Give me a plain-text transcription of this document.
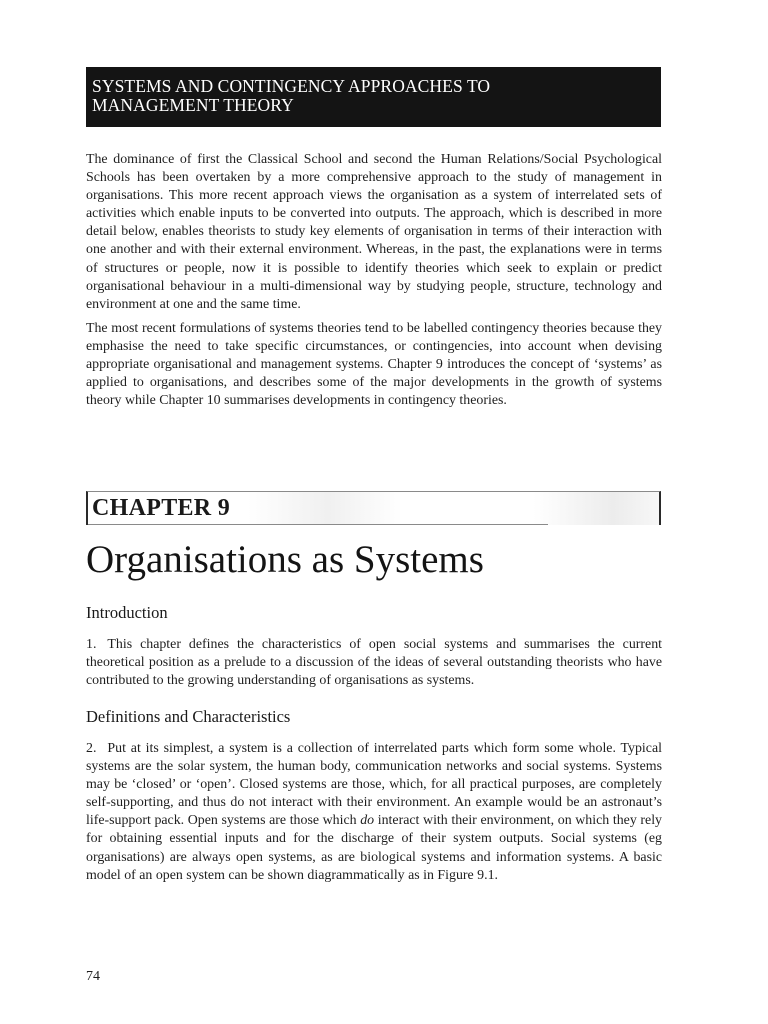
SYSTEMS AND CONTINGENCY APPROACHES TO
MANAGEMENT THEORY

The dominance of first the Classical School and second the Human Relations/Social Psychological Schools has been overtaken by a more comprehensive approach to the study of management in organisations. This more recent approach views the organisation as a system of interrelated sets of activities which enable inputs to be converted into outputs. The approach, which is described in more detail below, enables theorists to study key elements of organisation in terms of their interaction with one another and with their external environment. Whereas, in the past, the explanations were in terms of structures or people, now it is possible to identify theories which seek to explain or predict organisational behaviour in a multi-dimensional way by studying people, structure, technology and environment at one and the same time.

The most recent formulations of systems theories tend to be labelled contingency theories because they emphasise the need to take specific circumstances, or contingencies, into account when devising appropriate organisational and management systems. Chapter 9 introduces the concept of ‘systems’ as applied to organisations, and describes some of the major developments in the growth of systems theory while Chapter 10 summarises developments in contingency theories.

CHAPTER 9
Organisations as Systems
Introduction

1. This chapter defines the characteristics of open social systems and summarises the current theoretical position as a prelude to a discussion of the ideas of several outstanding theorists who have contributed to the growing understanding of organisations as systems.

Definitions and Characteristics

2. Put at its simplest, a system is a collection of interrelated parts which form some whole. Typical systems are the solar system, the human body, communication networks and social systems. Systems may be ‘closed’ or ‘open’. Closed systems are those, which, for all practical purposes, are completely self-supporting, and thus do not interact with their environment. An example would be an astronaut’s life-support pack. Open systems are those which do interact with their environment, on which they rely for obtaining essential inputs and for the discharge of their system outputs. Social systems (eg organisations) are always open systems, as are biological systems and information systems. A basic model of an open system can be shown diagrammatically as in Figure 9.1.

74
